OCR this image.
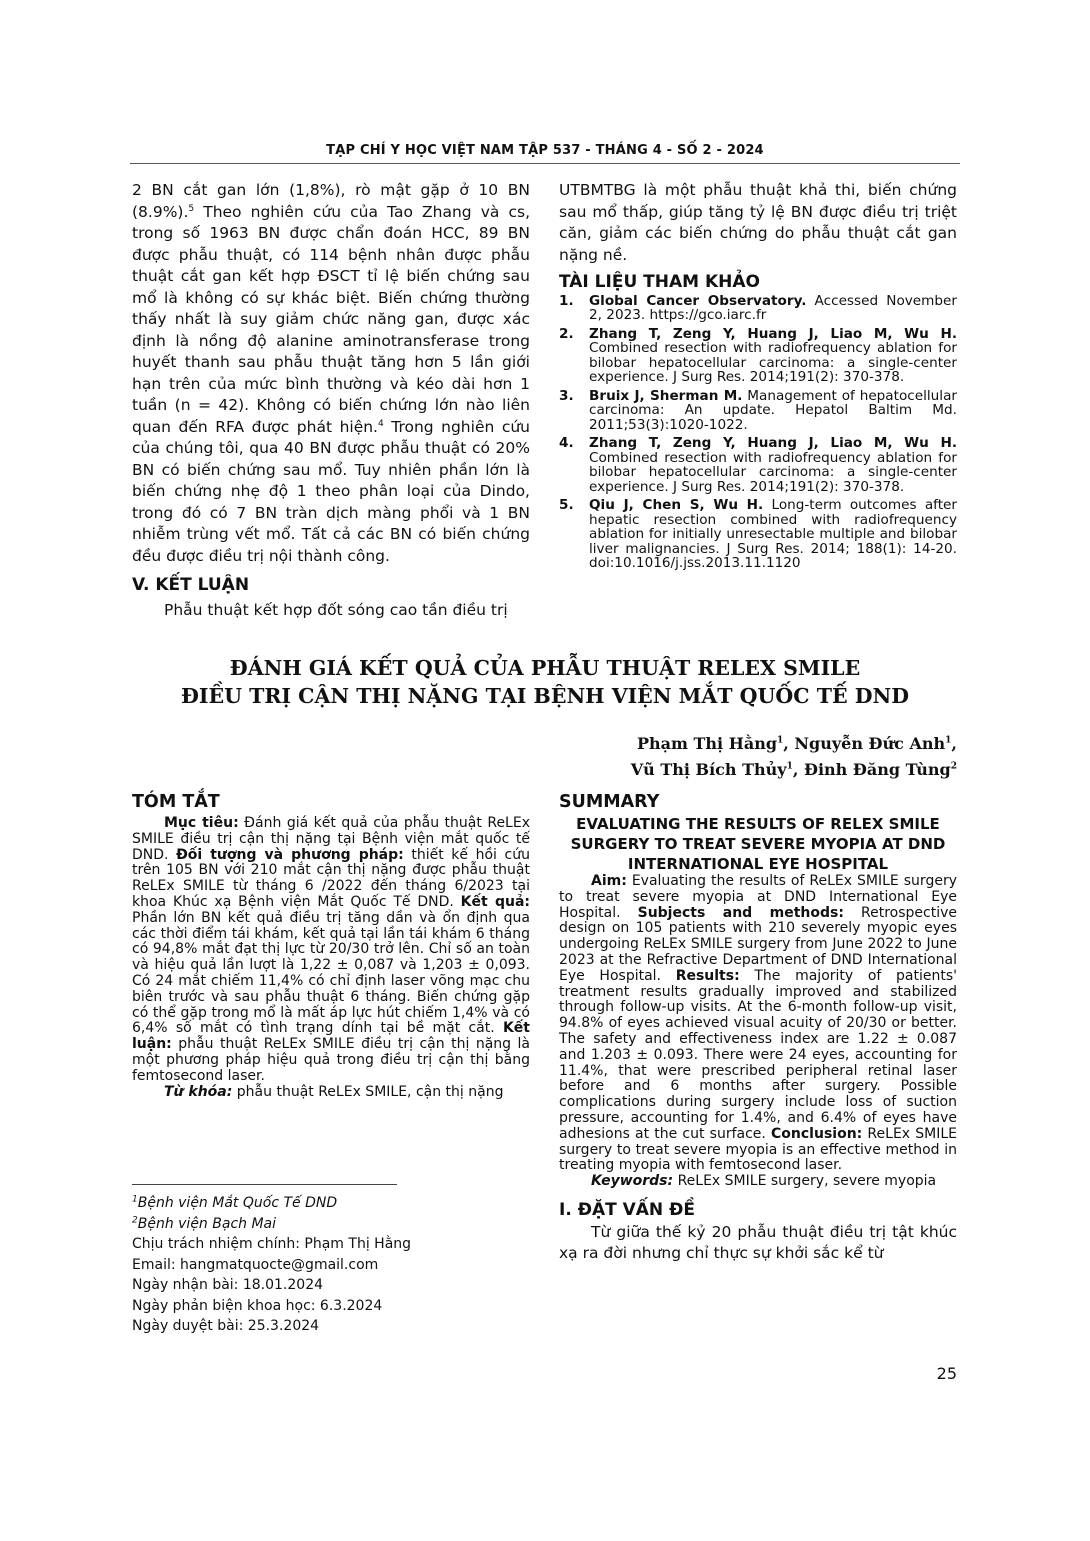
TẠP CHÍ Y HỌC VIỆT NAM TẬP 537 - THÁNG 4 - SỐ 2 - 2024

2 BN cắt gan lớn (1,8%), rò mật gặp ở 10 BN (8.9%).$^5$ Theo nghiên cứu của Tao Zhang và cs, trong số 1963 BN được chẩn đoán HCC, 89 BN được phẫu thuật, có 114 bệnh nhân được phẫu thuật cắt gan kết hợp ĐSCT tỉ lệ biến chứng sau mổ là không có sự khác biệt. Biến chứng thường thấy nhất là suy giảm chức năng gan, được xác định là nồng độ alanine aminotransferase trong huyết thanh sau phẫu thuật tăng hơn 5 lần giới hạn trên của mức bình thường và kéo dài hơn 1 tuần (n = 42). Không có biến chứng lớn nào liên quan đến RFA được phát hiện.$^4$ Trong nghiên cứu của chúng tôi, qua 40 BN được phẫu thuật có 20% BN có biến chứng sau mổ. Tuy nhiên phần lớn là biến chứng nhẹ độ 1 theo phân loại của Dindo, trong đó có 7 BN tràn dịch màng phổi và 1 BN nhiễm trùng vết mổ. Tất cả các BN có biến chứng đều được điều trị nội thành công.

V. KẾT LUẬN

Phẫu thuật kết hợp đốt sóng cao tần điều trị

UTBMTBG là một phẫu thuật khả thi, biến chứng sau mổ thấp, giúp tăng tỷ lệ BN được điều trị triệt căn, giảm các biến chứng do phẫu thuật cắt gan nặng nề.

TÀI LIỆU THAM KHẢO

1. Global Cancer Observatory. Accessed November 2, 2023. https://gco.iarc.fr
2. Zhang T, Zeng Y, Huang J, Liao M, Wu H. Combined resection with radiofrequency ablation for bilobar hepatocellular carcinoma: a single-center experience. J Surg Res. 2014;191(2): 370-378.
3. Bruix J, Sherman M. Management of hepatocellular carcinoma: An update. Hepatol Baltim Md. 2011;53(3):1020-1022.
4. Zhang T, Zeng Y, Huang J, Liao M, Wu H. Combined resection with radiofrequency ablation for bilobar hepatocellular carcinoma: a single-center experience. J Surg Res. 2014;191(2): 370-378.
5. Qiu J, Chen S, Wu H. Long-term outcomes after hepatic resection combined with radiofrequency ablation for initially unresectable multiple and bilobar liver malignancies. J Surg Res. 2014; 188(1): 14-20. doi:10.1016/j.jss.2013.11.1120
ĐÁNH GIÁ KẾT QUẢ CỦA PHẪU THUẬT RELEX SMILE
ĐIỀU TRỊ CẬN THỊ NẶNG TẠI BỆNH VIỆN MẮT QUỐC TẾ DND
Phạm Thị Hằng$^1$, Nguyễn Đức Anh$^1$,
Vũ Thị Bích Thủy$^1$, Đinh Đăng Tùng$^2$

TÓM TẮT

Mục tiêu: Đánh giá kết quả của phẫu thuật ReLEx SMILE điều trị cận thị nặng tại Bệnh viện mắt quốc tế DND. Đối tượng và phương pháp: thiết kế hồi cứu trên 105 BN với 210 mắt cận thị nặng được phẫu thuật ReLEx SMILE từ tháng 6 /2022 đến tháng 6/2023 tại khoa Khúc xạ Bệnh viện Mắt Quốc Tế DND. Kết quả: Phần lớn BN kết quả điều trị tăng dần và ổn định qua các thời điểm tái khám, kết quả tại lần tái khám 6 tháng có 94,8% mắt đạt thị lực từ 20/30 trở lên. Chỉ số an toàn và hiệu quả lần lượt là 1,22 ± 0,087 và 1,203 ± 0,093. Có 24 mắt chiếm 11,4% có chỉ định laser võng mạc chu biên trước và sau phẫu thuật 6 tháng. Biến chứng gặp có thể gặp trong mổ là mất áp lực hút chiếm 1,4% và có 6,4% số mắt có tình trạng dính tại bề mặt cắt. Kết luận: phẫu thuật ReLEx SMILE điều trị cận thị nặng là một phương pháp hiệu quả trong điều trị cận thị bằng femtosecond laser.

Từ khóa: phẫu thuật ReLEx SMILE, cận thị nặng

$^1$Bệnh viện Mắt Quốc Tế DND
$^2$Bệnh viện Bạch Mai
Chịu trách nhiệm chính: Phạm Thị Hằng
Email: hangmatquocte@gmail.com
Ngày nhận bài: 18.01.2024
Ngày phản biện khoa học: 6.3.2024
Ngày duyệt bài: 25.3.2024

SUMMARY

EVALUATING THE RESULTS OF RELEX SMILE SURGERY TO TREAT SEVERE MYOPIA AT DND INTERNATIONAL EYE HOSPITAL

Aim: Evaluating the results of ReLEx SMILE surgery to treat severe myopia at DND International Eye Hospital. Subjects and methods: Retrospective design on 105 patients with 210 severely myopic eyes undergoing ReLEx SMILE surgery from June 2022 to June 2023 at the Refractive Department of DND International Eye Hospital. Results: The majority of patients' treatment results gradually improved and stabilized through follow-up visits. At the 6-month follow-up visit, 94.8% of eyes achieved visual acuity of 20/30 or better. The safety and effectiveness index are 1.22 ± 0.087 and 1.203 ± 0.093. There were 24 eyes, accounting for 11.4%, that were prescribed peripheral retinal laser before and 6 months after surgery. Possible complications during surgery include loss of suction pressure, accounting for 1.4%, and 6.4% of eyes have adhesions at the cut surface. Conclusion: ReLEx SMILE surgery to treat severe myopia is an effective method in treating myopia with femtosecond laser.

Keywords: ReLEx SMILE surgery, severe myopia

I. ĐẶT VẤN ĐỀ

Từ giữa thế kỷ 20 phẫu thuật điều trị tật khúc xạ ra đời nhưng chỉ thực sự khởi sắc kể từ

25
